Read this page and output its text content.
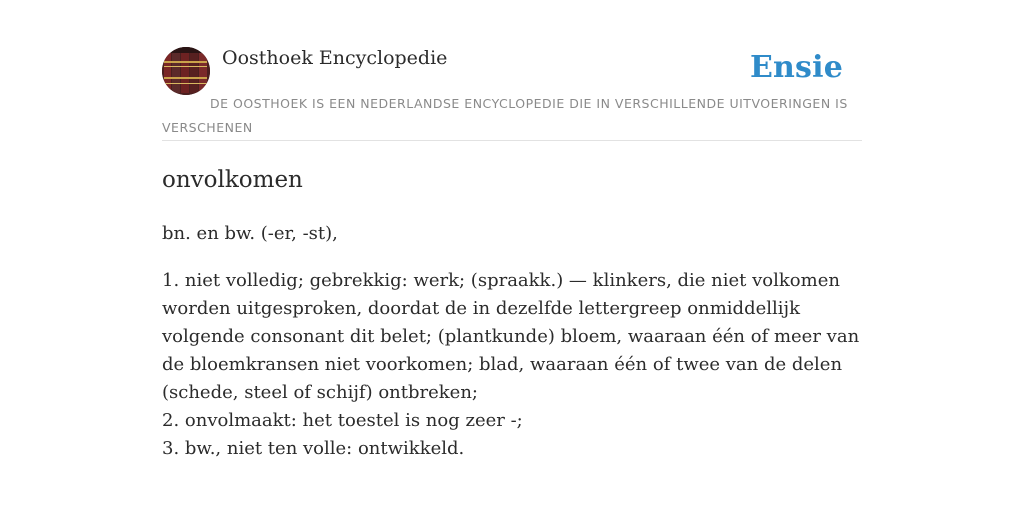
Oosthoek Encyclopedie	Ensie
DE OOSTHOEK IS EEN NEDERLANDSE ENCYCLOPEDIE DIE IN VERSCHILLENDE UITVOERINGEN IS VERSCHENEN
onvolkomen

bn. en bw. (-er, -st),

1. niet volledig; gebrekkig: werk; (spraakk.) — klinkers, die niet volkomen worden uitgesproken, doordat de in dezelfde lettergreep onmiddellijk volgende consonant dit belet; (plantkunde) bloem, waaraan één of meer van de bloemkransen niet voorkomen; blad, waaraan één of twee van de delen (schede, steel of schijf) ontbreken;
2. onvolmaakt: het toestel is nog zeer -;
3. bw., niet ten volle: ontwikkeld.
